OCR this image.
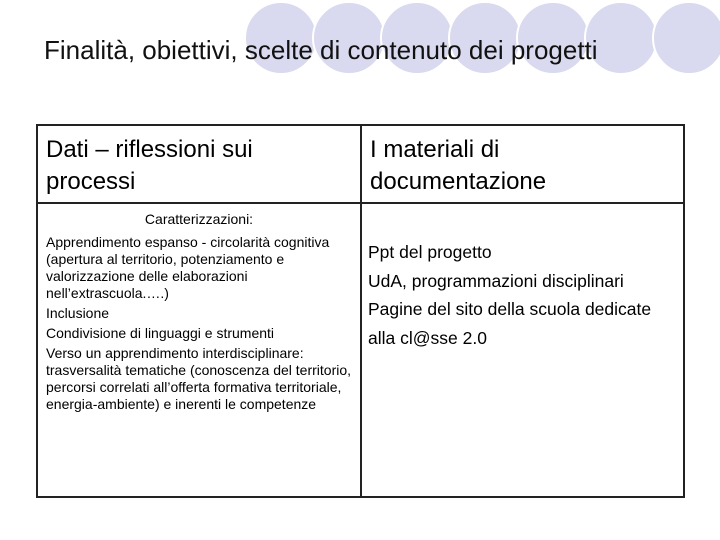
Finalità, obiettivi, scelte di contenuto dei progetti
Dati – riflessioni sui processi
I materiali di documentazione
Caratterizzazioni:
Apprendimento espanso - circolarità cognitiva (apertura al territorio, potenziamento e valorizzazione delle elaborazioni nell’extrascuola.….)
Inclusione
Condivisione di linguaggi e strumenti
Verso un apprendimento interdisciplinare: trasversalità tematiche (conoscenza del territorio, percorsi correlati all’offerta formativa territoriale, energia-ambiente) e inerenti le competenze
Ppt del progetto
UdA, programmazioni disciplinari
Pagine del sito della scuola dedicate alla cl@sse 2.0
